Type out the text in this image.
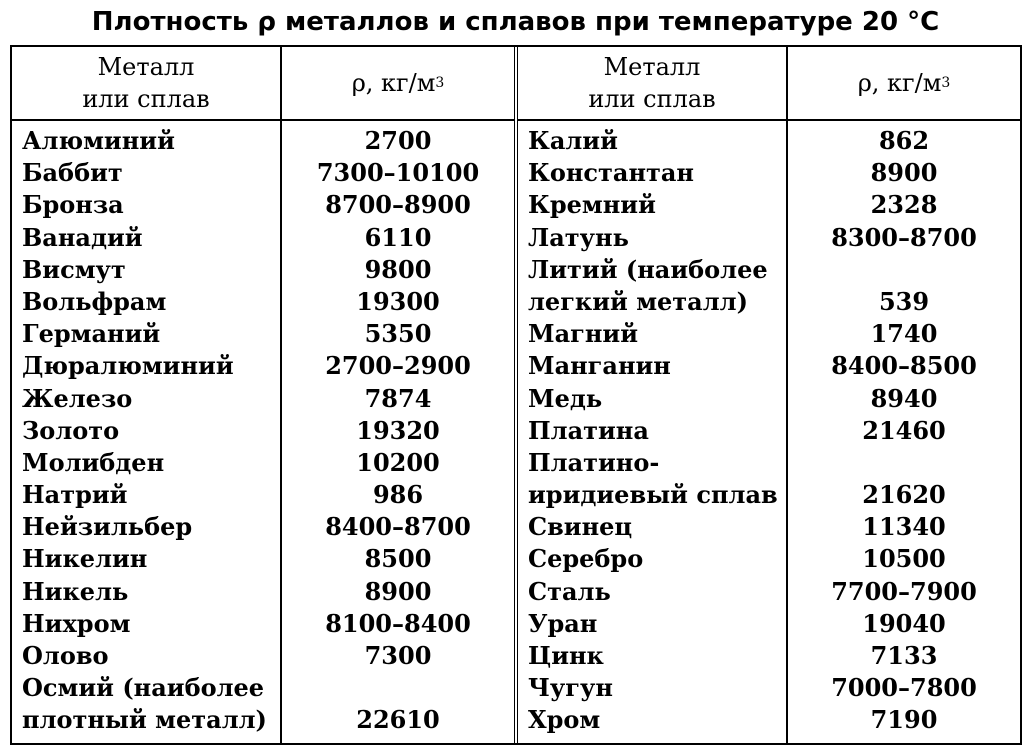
Плотность ρ металлов и сплавов при температуре 20 °C
Металл
или сплав
ρ, кг/м 3
Алюминий
Баббит
Бронза
Ванадий
Висмут
Вольфрам
Германий
Дюралюминий
Железо
Золото
Молибден
Натрий
Нейзильбер
Никелин
Никель
Нихром
Олово
Осмий (наиболее
плотный металл)
2700
7300–10100
8700–8900
6110
9800
19300
5350
2700–2900
7874
19320
10200
986
8400–8700
8500
8900
8100–8400
7300
22610
Металл
или сплав
ρ, кг/м 3
Калий
Константан
Кремний
Латунь
Литий (наиболее
легкий металл)
Магний
Манганин
Медь
Платина
Платино-
иридиевый сплав
Свинец
Серебро
Сталь
Уран
Цинк
Чугун
Хром
862
8900
2328
8300–8700
539
1740
8400–8500
8940
21460
21620
11340
10500
7700–7900
19040
7133
7000–7800
7190
